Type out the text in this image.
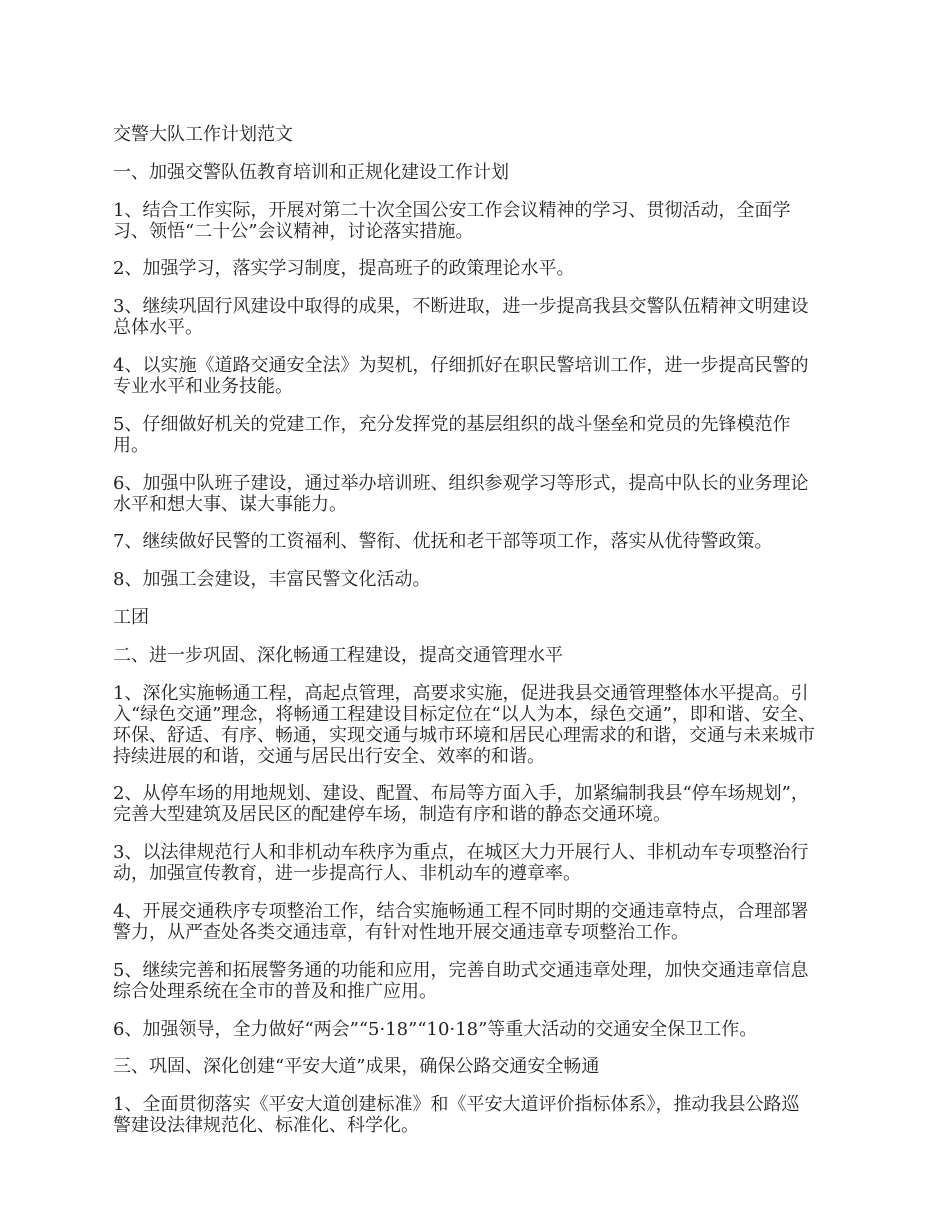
交警大队工作计划范文

一、加强交警队伍教育培训和正规化建设工作计划

1、结合工作实际，开展对第二十次全国公安工作会议精神的学习、贯彻活动，全面学
习、领悟“二十公”会议精神，讨论落实措施。

2、加强学习，落实学习制度，提高班子的政策理论水平。

3、继续巩固行风建设中取得的成果，不断进取，进一步提高我县交警队伍精神文明建设
总体水平。

4、以实施《道路交通安全法》为契机，仔细抓好在职民警培训工作，进一步提高民警的
专业水平和业务技能。

5、仔细做好机关的党建工作，充分发挥党的基层组织的战斗堡垒和党员的先锋模范作
用。

6、加强中队班子建设，通过举办培训班、组织参观学习等形式，提高中队长的业务理论
水平和想大事、谋大事能力。

7、继续做好民警的工资福利、警衔、优抚和老干部等项工作，落实从优待警政策。

8、加强工会建设，丰富民警文化活动。

工团

二、进一步巩固、深化畅通工程建设，提高交通管理水平

1、深化实施畅通工程，高起点管理，高要求实施，促进我县交通管理整体水平提高。引
入“绿色交通”理念，将畅通工程建设目标定位在“以人为本，绿色交通”，即和谐、安全、
环保、舒适、有序、畅通，实现交通与城市环境和居民心理需求的和谐，交通与未来城市
持续进展的和谐，交通与居民出行安全、效率的和谐。

2、从停车场的用地规划、建设、配置、布局等方面入手，加紧编制我县“停车场规划”，
完善大型建筑及居民区的配建停车场，制造有序和谐的静态交通环境。

3、以法律规范行人和非机动车秩序为重点，在城区大力开展行人、非机动车专项整治行
动，加强宣传教育，进一步提高行人、非机动车的遵章率。

4、开展交通秩序专项整治工作，结合实施畅通工程不同时期的交通违章特点，合理部署
警力，从严查处各类交通违章，有针对性地开展交通违章专项整治工作。

5、继续完善和拓展警务通的功能和应用，完善自助式交通违章处理，加快交通违章信息
综合处理系统在全市的普及和推广应用。

6、加强领导，全力做好“两会”“5·18”“10·18”等重大活动的交通安全保卫工作。

三、巩固、深化创建“平安大道”成果，确保公路交通安全畅通

1、全面贯彻落实《平安大道创建标准》和《平安大道评价指标体系》，推动我县公路巡
警建设法律规范化、标准化、科学化。
